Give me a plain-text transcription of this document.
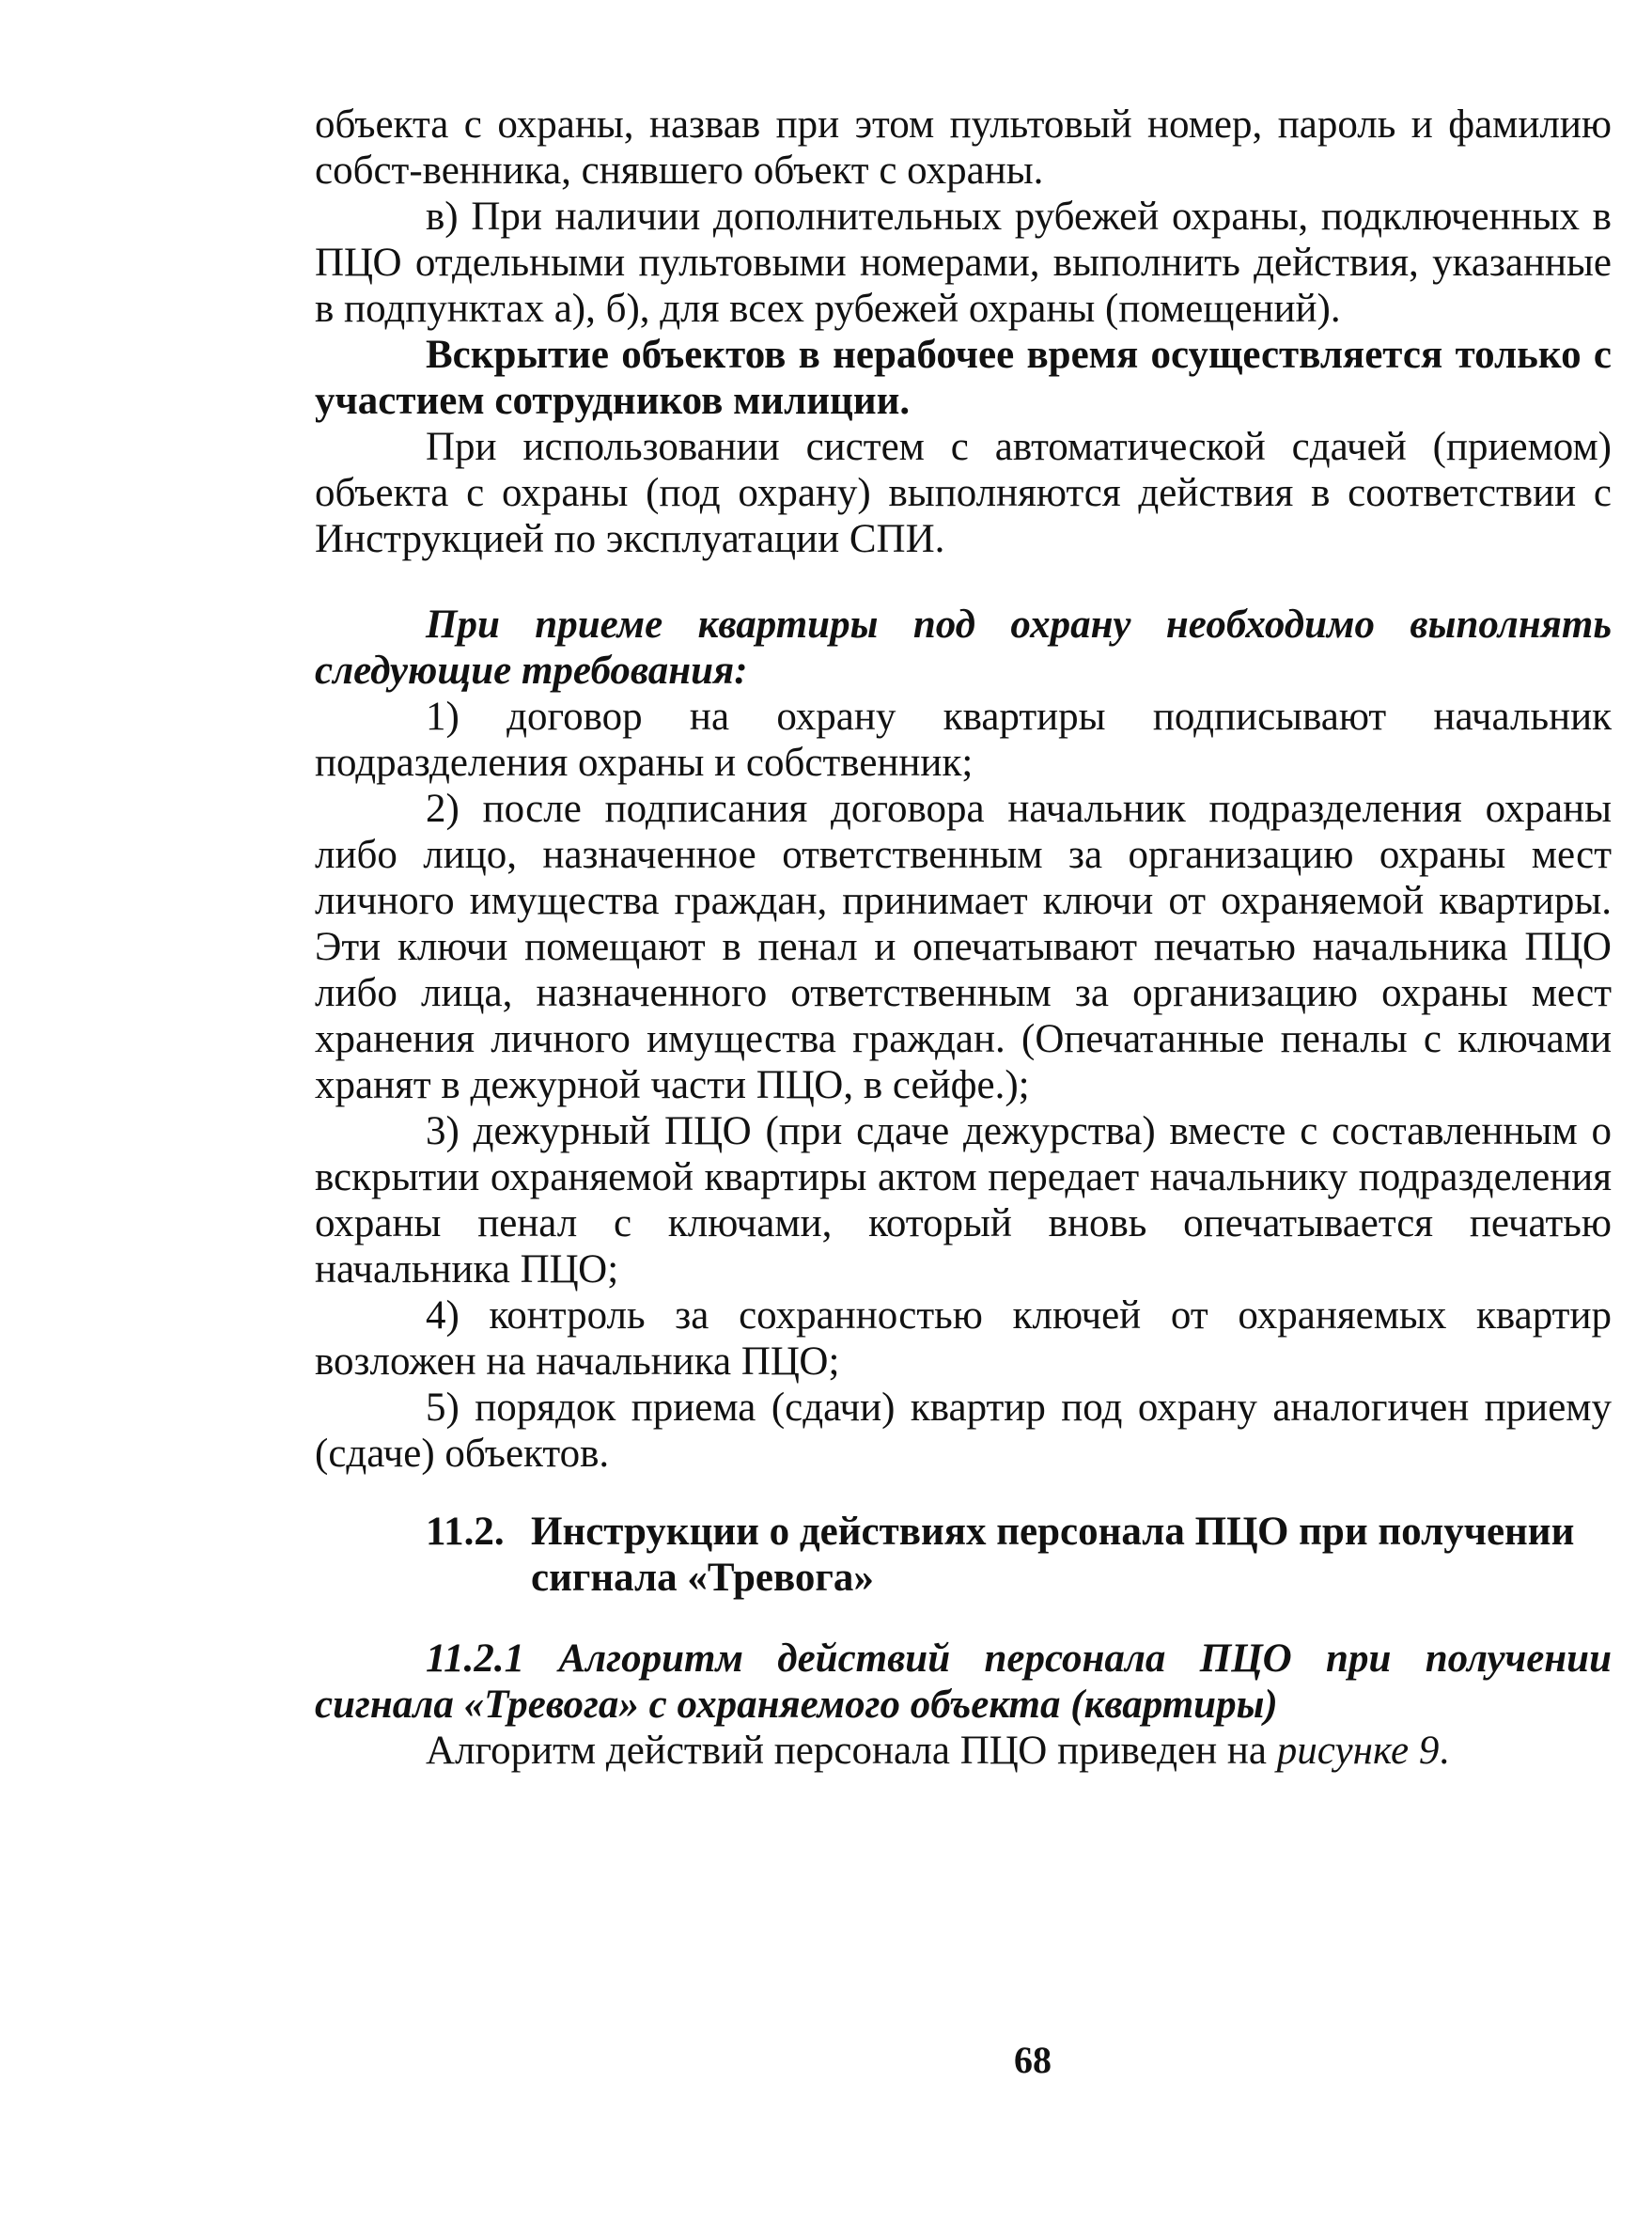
объекта с охраны, назвав при этом пультовый номер, пароль и фамилию собст-венника, снявшего объект с охраны.

в) При наличии дополнительных рубежей охраны, подключенных в ПЦО отдельными пультовыми номерами, выполнить действия, указанные в подпунктах а), б), для всех рубежей охраны (помещений).

Вскрытие объектов в нерабочее время осуществляется только с участием сотрудников милиции.

При использовании систем с автоматической сдачей (приемом) объекта с охраны (под охрану) выполняются действия в соответствии с Инструкцией по эксплуатации СПИ.

При приеме квартиры под охрану необходимо выполнять следующие требования:

1) договор на охрану квартиры подписывают начальник подразделения охраны и собственник;

2) после подписания договора начальник подразделения охраны либо лицо, назначенное ответственным за организацию охраны мест личного имущества граждан, принимает ключи от охраняемой квартиры. Эти ключи помещают в пенал и опечатывают печатью начальника ПЦО либо лица, назначенного ответственным за организацию охраны мест хранения личного имущества граждан. (Опечатанные пеналы с ключами хранят в дежурной части ПЦО, в сейфе.);

3) дежурный ПЦО (при сдаче дежурства) вместе с составленным о вскрытии охраняемой квартиры актом передает начальнику подразделения охраны пенал с ключами, который вновь опечатывается печатью начальника ПЦО;

4) контроль за сохранностью ключей от охраняемых квартир возложен на начальника ПЦО;

5) порядок приема (сдачи) квартир под охрану аналогичен приему (сдаче) объектов.

11.2. Инструкции о действиях персонала ПЦО при получении
сигнала «Тревога»

11.2.1 Алгоритм действий персонала ПЦО при получении сигнала «Тревога» с охраняемого объекта (квартиры)

Алгоритм действий персонала ПЦО приведен на рисунке 9.

68
